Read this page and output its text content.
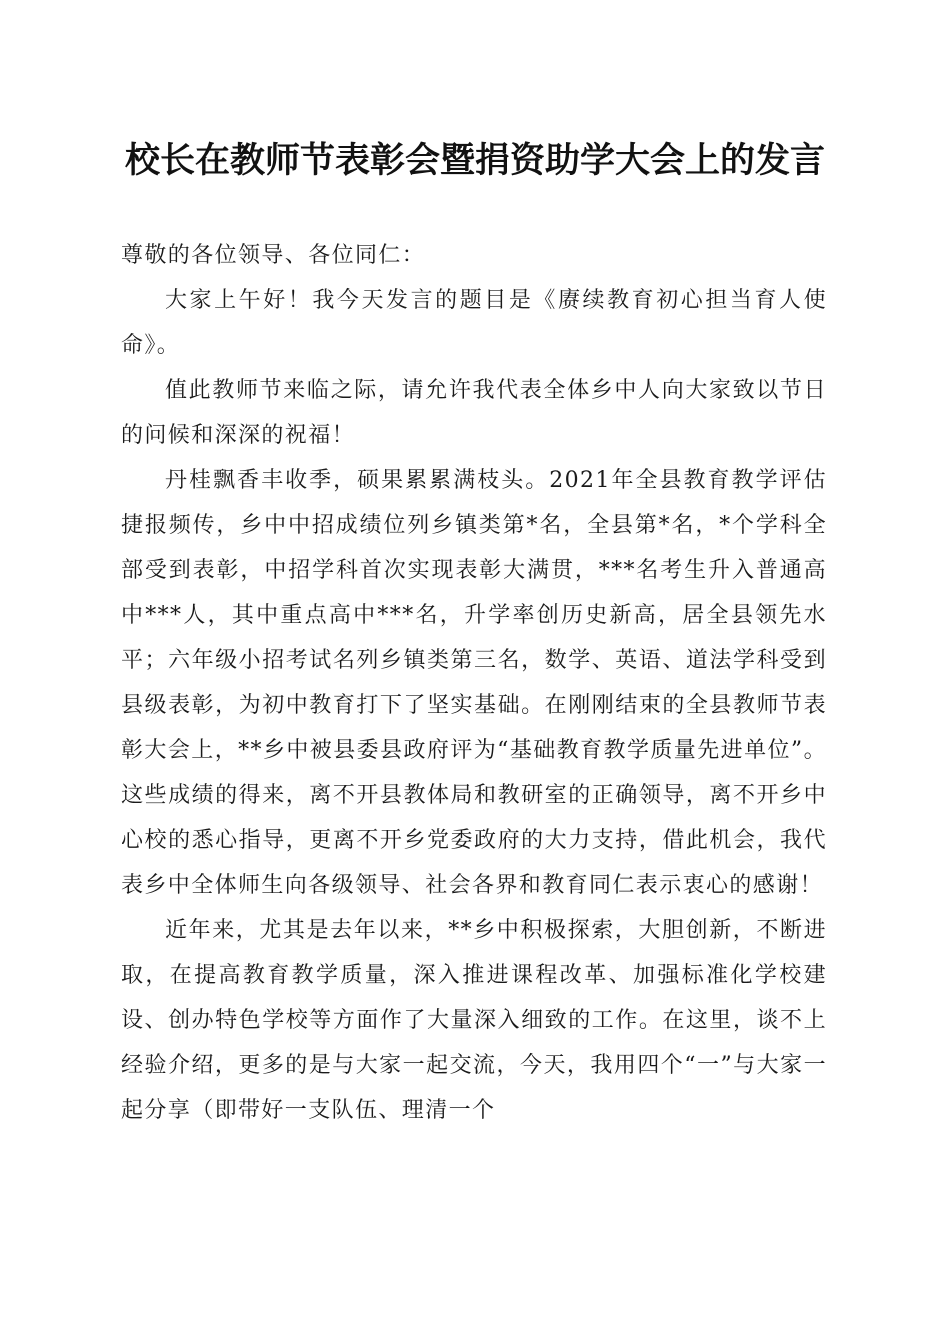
校长在教师节表彰会暨捐资助学大会上的发言

尊敬的各位领导、各位同仁：

大家上午好！我今天发言的题目是《赓续教育初心担当育人使命》。

值此教师节来临之际，请允许我代表全体乡中人向大家致以节日的问候和深深的祝福！

丹桂飘香丰收季，硕果累累满枝头。2021年全县教育教学评估捷报频传，乡中中招成绩位列乡镇类第*名，全县第*名，*个学科全部受到表彰，中招学科首次实现表彰大满贯，***名考生升入普通高中***人，其中重点高中***名，升学率创历史新高，居全县领先水平；六年级小招考试名列乡镇类第三名，数学、英语、道法学科受到县级表彰，为初中教育打下了坚实基础。在刚刚结束的全县教师节表彰大会上，**乡中被县委县政府评为“基础教育教学质量先进单位”。这些成绩的得来，离不开县教体局和教研室的正确领导，离不开乡中心校的悉心指导，更离不开乡党委政府的大力支持，借此机会，我代表乡中全体师生向各级领导、社会各界和教育同仁表示衷心的感谢！

近年来，尤其是去年以来，**乡中积极探索，大胆创新，不断进取，在提高教育教学质量，深入推进课程改革、加强标准化学校建设、创办特色学校等方面作了大量深入细致的工作。在这里，谈不上经验介绍，更多的是与大家一起交流，今天，我用四个“一”与大家一起分享（即带好一支队伍、理清一个
